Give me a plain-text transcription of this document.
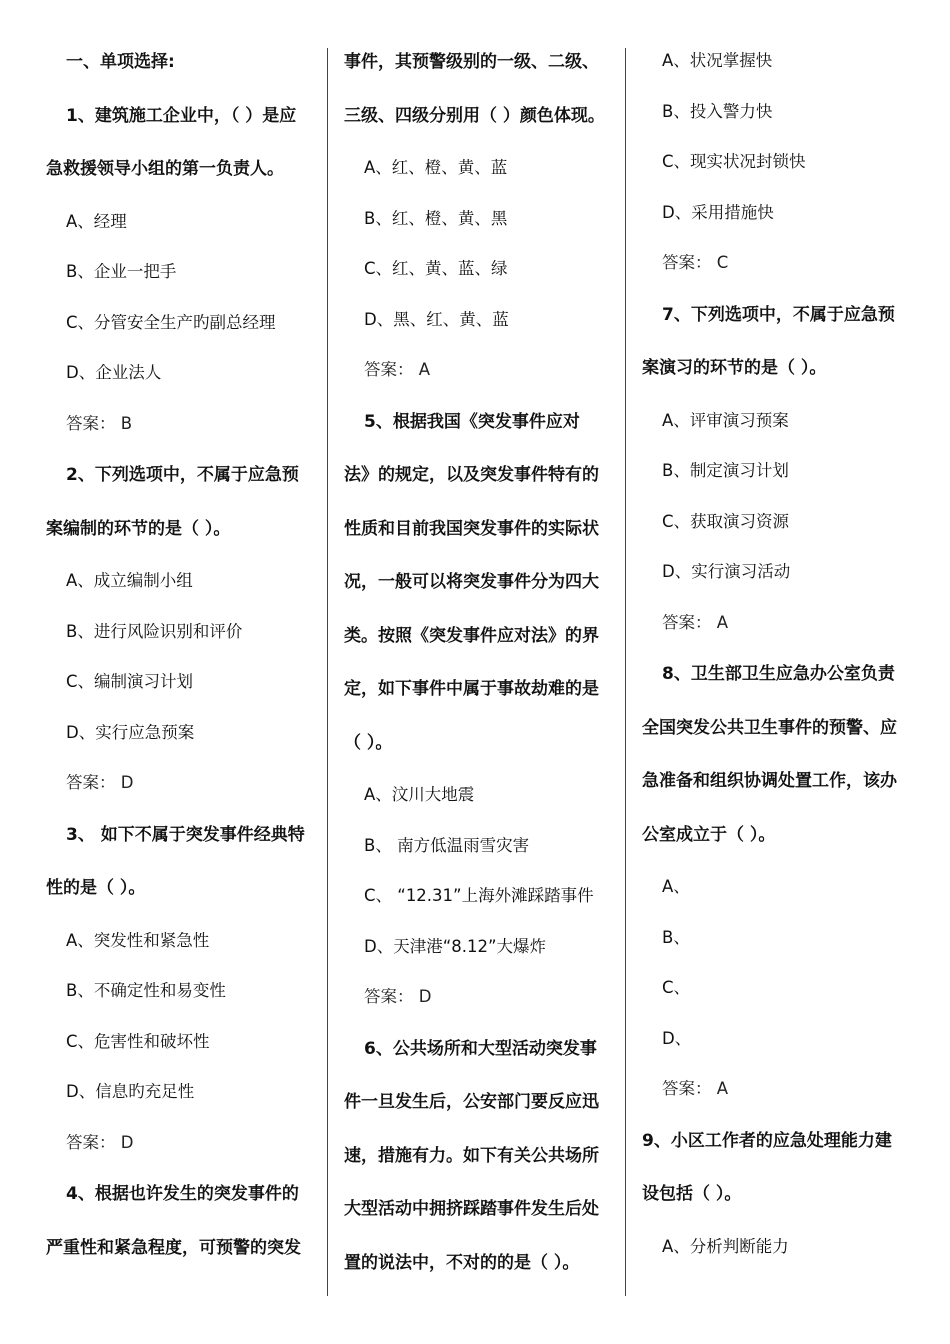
一、单项选择:
1、建筑施工企业中，（ ）是应
急救援领导小组的第一负责人。
A、经理
B、企业一把手
C、分管安全生产旳副总经理
D、企业法人
答案： B
2、下列选项中，不属于应急预
案编制的环节的是（ ）。
A、成立编制小组
B、进行风险识别和评价
C、编制演习计划
D、实行应急预案
答案： D
3、 如下不属于突发事件经典特
性的是（ ）。
A、突发性和紧急性
B、不确定性和易变性
C、危害性和破坏性
D、信息旳充足性
答案： D
4、根据也许发生的突发事件的
严重性和紧急程度，可预警的突发
事件，其预警级别的一级、二级、
三级、四级分别用（ ）颜色体现。
A、红、橙、黄、蓝
B、红、橙、黄、黑
C、红、黄、蓝、绿
D、黑、红、黄、蓝
答案： A
5、根据我国《突发事件应对
法》的规定，以及突发事件特有的
性质和目前我国突发事件的实际状
况，一般可以将突发事件分为四大
类。按照《突发事件应对法》的界
定，如下事件中属于事故劫难的是
（ ）。
A、汶川大地震
B、 南方低温雨雪灾害
C、 “12.31”上海外滩踩踏事件
D、天津港“8.12”大爆炸
答案： D
6、公共场所和大型活动突发事
件一旦发生后，公安部门要反应迅
速，措施有力。如下有关公共场所
大型活动中拥挤踩踏事件发生后处
置的说法中，不对的的是（ ）。
A、状况掌握快
B、投入警力快
C、现实状况封锁快
D、采用措施快
答案： C
7、下列选项中，不属于应急预
案演习的环节的是（ ）。
A、评审演习预案
B、制定演习计划
C、获取演习资源
D、实行演习活动
答案： A
8、卫生部卫生应急办公室负责
全国突发公共卫生事件的预警、应
急准备和组织协调处置工作，该办
公室成立于（ ）。
A、
B、
C、
D、
答案： A
9、小区工作者的应急处理能力建
设包括（ ）。
A、分析判断能力
